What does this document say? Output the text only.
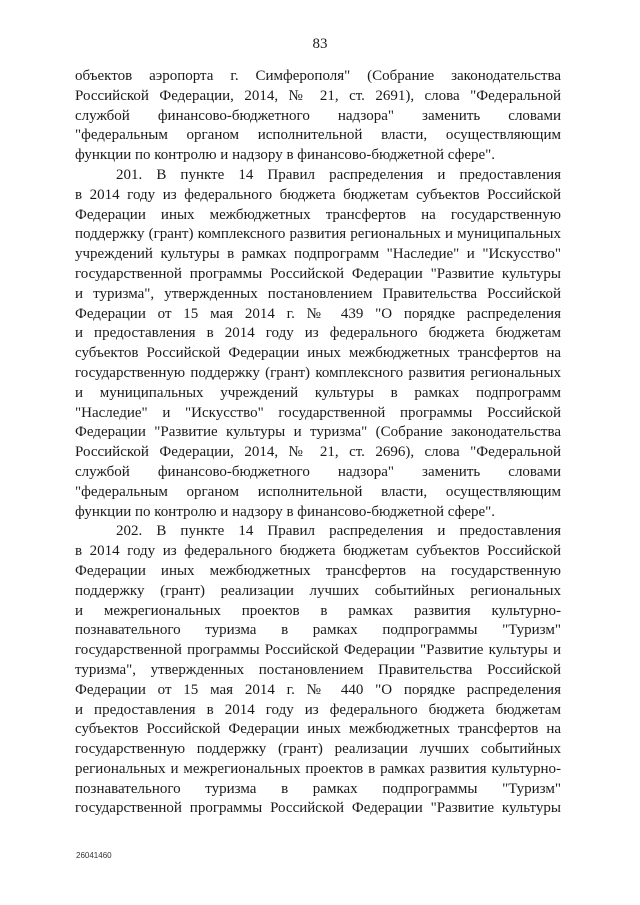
83
объектов аэропорта г. Симферополя" (Собрание законодательства
Российской Федерации, 2014, № 21, ст. 2691), слова "Федеральной
службой финансово-бюджетного надзора" заменить словами
"федеральным органом исполнительной власти, осуществляющим
функции по контролю и надзору в финансово-бюджетной сфере".
201. В пункте 14 Правил распределения и предоставления
в 2014 году из федерального бюджета бюджетам субъектов Российской
Федерации иных межбюджетных трансфертов на государственную
поддержку (грант) комплексного развития региональных и муниципальных
учреждений культуры в рамках подпрограмм "Наследие" и "Искусство"
государственной программы Российской Федерации "Развитие культуры
и туризма", утвержденных постановлением Правительства Российской
Федерации от 15 мая 2014 г. № 439 "О порядке распределения
и предоставления в 2014 году из федерального бюджета бюджетам
субъектов Российской Федерации иных межбюджетных трансфертов на
государственную поддержку (грант) комплексного развития региональных
и муниципальных учреждений культуры в рамках подпрограмм
"Наследие" и "Искусство" государственной программы Российской
Федерации "Развитие культуры и туризма" (Собрание законодательства
Российской Федерации, 2014, № 21, ст. 2696), слова "Федеральной
службой финансово-бюджетного надзора" заменить словами
"федеральным органом исполнительной власти, осуществляющим
функции по контролю и надзору в финансово-бюджетной сфере".
202. В пункте 14 Правил распределения и предоставления
в 2014 году из федерального бюджета бюджетам субъектов Российской
Федерации иных межбюджетных трансфертов на государственную
поддержку (грант) реализации лучших событийных региональных
и межрегиональных проектов в рамках развития культурно-
познавательного туризма в рамках подпрограммы "Туризм"
государственной программы Российской Федерации "Развитие культуры и
туризма", утвержденных постановлением Правительства Российской
Федерации от 15 мая 2014 г. № 440 "О порядке распределения
и предоставления в 2014 году из федерального бюджета бюджетам
субъектов Российской Федерации иных межбюджетных трансфертов на
государственную поддержку (грант) реализации лучших событийных
региональных и межрегиональных проектов в рамках развития культурно-
познавательного туризма в рамках подпрограммы "Туризм"
государственной программы Российской Федерации "Развитие культуры
26041460
